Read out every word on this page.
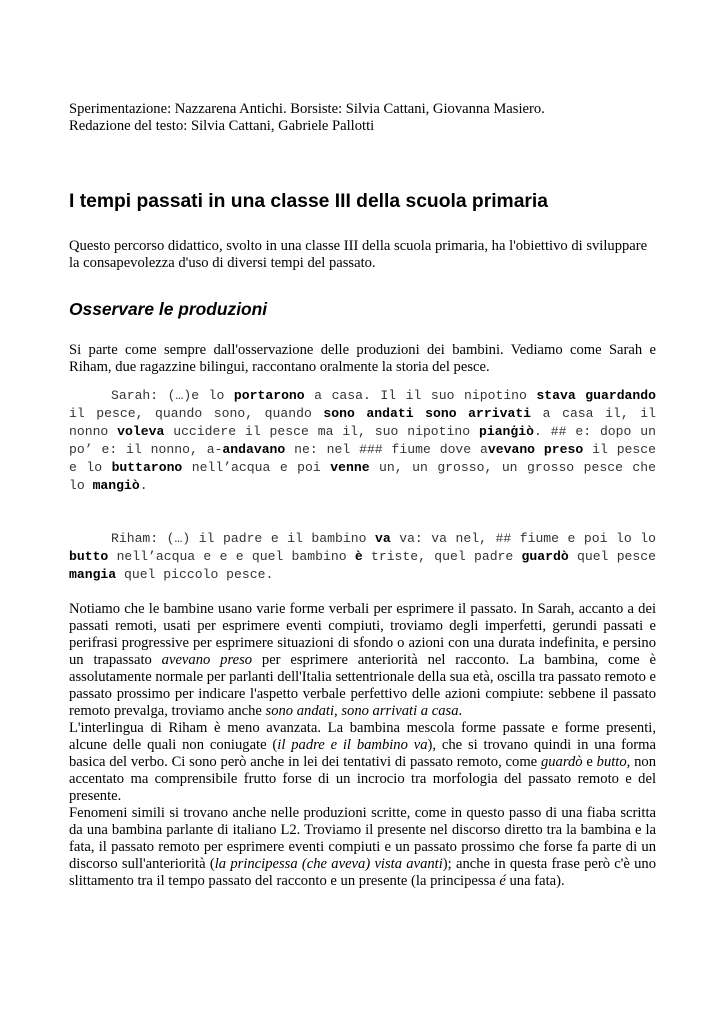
Sperimentazione: Nazzarena Antichi. Borsiste: Silvia Cattani, Giovanna Masiero.

Redazione del testo: Silvia Cattani, Gabriele Pallotti

I tempi passati in una classe III della scuola primaria

Questo percorso didattico, svolto in una classe III della scuola primaria, ha l'obiettivo di sviluppare la consapevolezza d'uso di diversi tempi del passato.

Osservare le produzioni

Si parte come sempre dall'osservazione delle produzioni dei bambini. Vediamo come Sarah e Riham, due ragazzine bilingui, raccontano oralmente la storia del pesce.

Sarah: (…)e lo portarono a casa. Il il suo nipotino stava guardando il pesce, quando sono, quando sono andati sono arrivati a casa il, il nonno voleva uccidere il pesce ma il, suo nipotino pianġiò. ## e: dopo un po’ e: il nonno, a-andavano ne: nel ### fiume dove avevano preso il pesce e lo buttarono nell’acqua e poi venne un, un grosso, un grosso pesce che lo mangiò.

Riham: (…) il padre e il bambino va va: va nel, ## fiume e poi lo lo butto nell’acqua e e e quel bambino è triste, quel padre guardò quel pesce mangia quel piccolo pesce.

Notiamo che le bambine usano varie forme verbali per esprimere il passato. In Sarah, accanto a dei passati remoti, usati per esprimere eventi compiuti, troviamo degli imperfetti, gerundi passati e perifrasi progressive per esprimere situazioni di sfondo o azioni con una durata indefinita, e persino un trapassato avevano preso per esprimere anteriorità nel racconto. La bambina, come è assolutamente normale per parlanti dell'Italia settentrionale della sua età, oscilla tra passato remoto e passato prossimo per indicare l'aspetto verbale perfettivo delle azioni compiute: sebbene il passato remoto prevalga, troviamo anche sono andati, sono arrivati a casa.

L'interlingua di Riham è meno avanzata. La bambina mescola forme passate e forme presenti, alcune delle quali non coniugate (il padre e il bambino va), che si trovano quindi in una forma basica del verbo. Ci sono però anche in lei dei tentativi di passato remoto, come guardò e butto, non accentato ma comprensibile frutto forse di un incrocio tra morfologia del passato remoto e del presente.

Fenomeni simili si trovano anche nelle produzioni scritte, come in questo passo di una fiaba scritta da una bambina parlante di italiano L2. Troviamo il presente nel discorso diretto tra la bambina e la fata, il passato remoto per esprimere eventi compiuti e un passato prossimo che forse fa parte di un discorso sull'anteriorità (la principessa (che aveva) vista avanti); anche in questa frase però c'è uno slittamento tra il tempo passato del racconto e un presente (la principessa é una fata).
